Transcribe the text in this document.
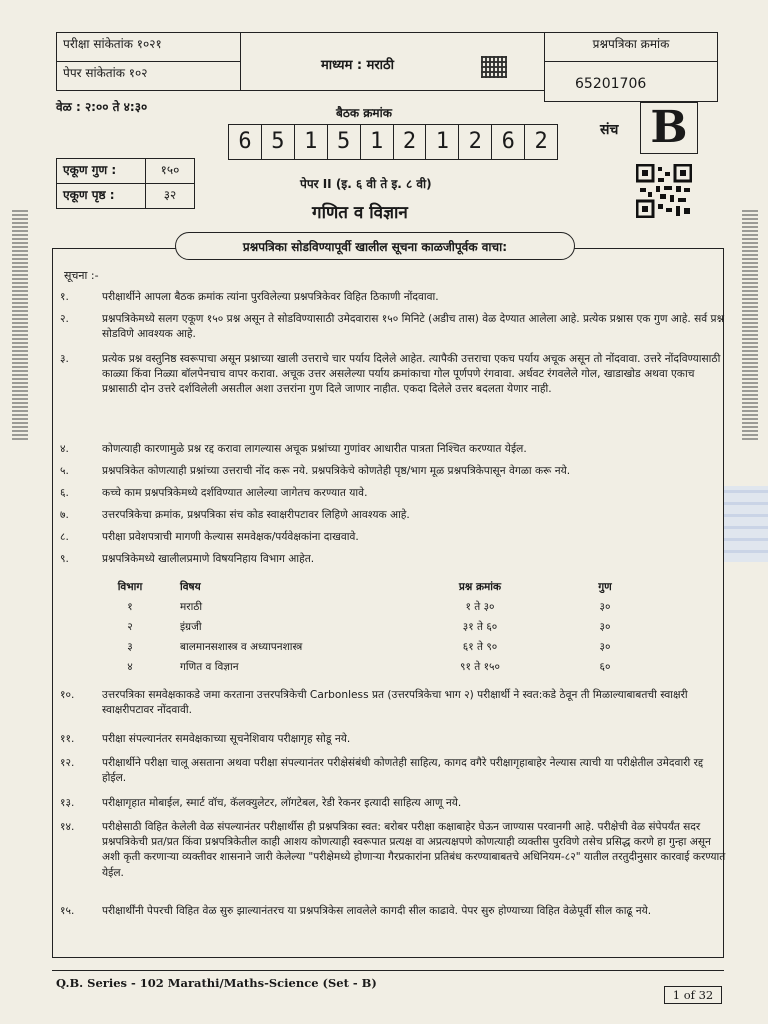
परीक्षा सांकेतांक १०२१
पेपर सांकेतांक १०२	माध्यम : मराठी
प्रश्नपत्रिका क्रमांक
65201706
वेळ : २:०० ते ४:३०	बैठक क्रमांक
6 5 1 5 1 2 1 2 6 2	संच B
एकूण गुण :	१५०
एकूण पृष्ठ :	३२
पेपर II (इ. ६ वी ते इ. ८ वी)
गणित व विज्ञान
प्रश्नपत्रिका सोडविण्यापूर्वी खालील सूचना काळजीपूर्वक वाचा:
सूचना :-
१.	परीक्षार्थीने आपला बैठक क्रमांक त्यांना पुरविलेल्या प्रश्नपत्रिकेवर विहित ठिकाणी नोंदवावा.
२.	प्रश्नपत्रिकेमध्ये सलग एकूण १५० प्रश्न असून ते सोडविण्यासाठी उमेदवारास १५० मिनिटे (अडीच तास) वेळ देण्यात आलेला आहे. प्रत्येक प्रश्नास एक गुण आहे. सर्व प्रश्न सोडविणे आवश्यक आहे.
३.	प्रत्येक प्रश्न वस्तुनिष्ठ स्वरूपाचा असून प्रश्नाच्या खाली उत्तराचे चार पर्याय दिलेले आहेत. त्यापैकी उत्तराचा एकच पर्याय अचूक असून तो नोंदवावा. उत्तरे नोंदविण्यासाठी काळ्या किंवा निळ्या बॉलपेनचाच वापर करावा. अचूक उत्तर असलेल्या पर्याय क्रमांकाचा गोल पूर्णपणे रंगवावा. अर्धवट रंगवलेले गोल, खाडाखोड अथवा एकाच प्रश्नासाठी दोन उत्तरे दर्शविलेली असतील अशा उत्तरांना गुण दिले जाणार नाहीत. एकदा दिलेले उत्तर बदलता येणार नाही.
४.	कोणत्याही कारणामुळे प्रश्न रद्द करावा लागल्यास अचूक प्रश्नांच्या गुणांवर आधारीत पात्रता निश्चित करण्यात येईल.
५.	प्रश्नपत्रिकेत कोणत्याही प्रश्नांच्या उत्तराची नोंद करू नये. प्रश्नपत्रिकेचे कोणतेही पृष्ठ/भाग मूळ प्रश्नपत्रिकेपासून वेगळा करू नये.
६.	कच्चे काम प्रश्नपत्रिकेमध्ये दर्शविण्यात आलेल्या जागेतच करण्यात यावे.
७.	उत्तरपत्रिकेचा क्रमांक, प्रश्नपत्रिका संच कोड स्वाक्षरीपटावर लिहिणे आवश्यक आहे.
८.	परीक्षा प्रवेशपत्राची मागणी केल्यास समवेक्षक/पर्यवेक्षकांना दाखवावे.
९.	प्रश्नपत्रिकेमध्ये खालीलप्रमाणे विषयनिहाय विभाग आहेत.
विभाग	विषय	प्रश्न क्रमांक	गुण
१	मराठी	१ ते ३०	३०
२	इंग्रजी	३१ ते ६०	३०
३	बालमानसशास्त्र व अध्यापनशास्त्र	६१ ते ९०	३०
४	गणित व विज्ञान	९१ ते १५०	६०
१०.	उत्तरपत्रिका समवेक्षकाकडे जमा करताना उत्तरपत्रिकेची Carbonless प्रत (उत्तरपत्रिकेचा भाग २) परीक्षार्थी ने स्वत:कडे ठेवून ती मिळाल्याबाबतची स्वाक्षरी स्वाक्षरीपटावर नोंदवावी.
११.	परीक्षा संपल्यानंतर समवेक्षकाच्या सूचनेशिवाय परीक्षागृह सोडू नये.
१२.	परीक्षार्थीने परीक्षा चालू असताना अथवा परीक्षा संपल्यानंतर परीक्षेसंबंधी कोणतेही साहित्य, कागद वगैरे परीक्षागृहाबाहेर नेल्यास त्याची या परीक्षेतील उमेदवारी रद्द होईल.
१३.	परीक्षागृहात मोबाईल, स्मार्ट वॉच, कॅलक्युलेटर, लॉगटेबल, रेडी रेकनर इत्यादी साहित्य आणू नये.
१४.	परीक्षेसाठी विहित केलेली वेळ संपल्यानंतर परीक्षार्थीस ही प्रश्नपत्रिका स्वत: बरोबर परीक्षा कक्षाबाहेर घेऊन जाण्यास परवानगी आहे. परीक्षेची वेळ संपेपर्यंत सदर प्रश्नपत्रिकेची प्रत/प्रत किंवा प्रश्नपत्रिकेतील काही आशय कोणत्याही स्वरूपात प्रत्यक्ष वा अप्रत्यक्षपणे कोणत्याही व्यक्तीस पुरविणे तसेच प्रसिद्ध करणे हा गुन्हा असून अशी कृती करणाऱ्या व्यक्तीवर शासनाने जारी केलेल्या "परीक्षेमध्ये होणाऱ्या गैरप्रकारांना प्रतिबंध करण्याबाबतचे अधिनियम-८२" यातील तरतुदीनुसार कारवाई करण्यात येईल.
१५.	परीक्षार्थींनी पेपरची विहित वेळ सुरु झाल्यानंतरच या प्रश्नपत्रिकेस लावलेले कागदी सील काढावे. पेपर सुरु होण्याच्या विहित वेळेपूर्वी सील काढू नये.
Q.B. Series - 102 Marathi/Maths-Science (Set - B)
1 of 32
